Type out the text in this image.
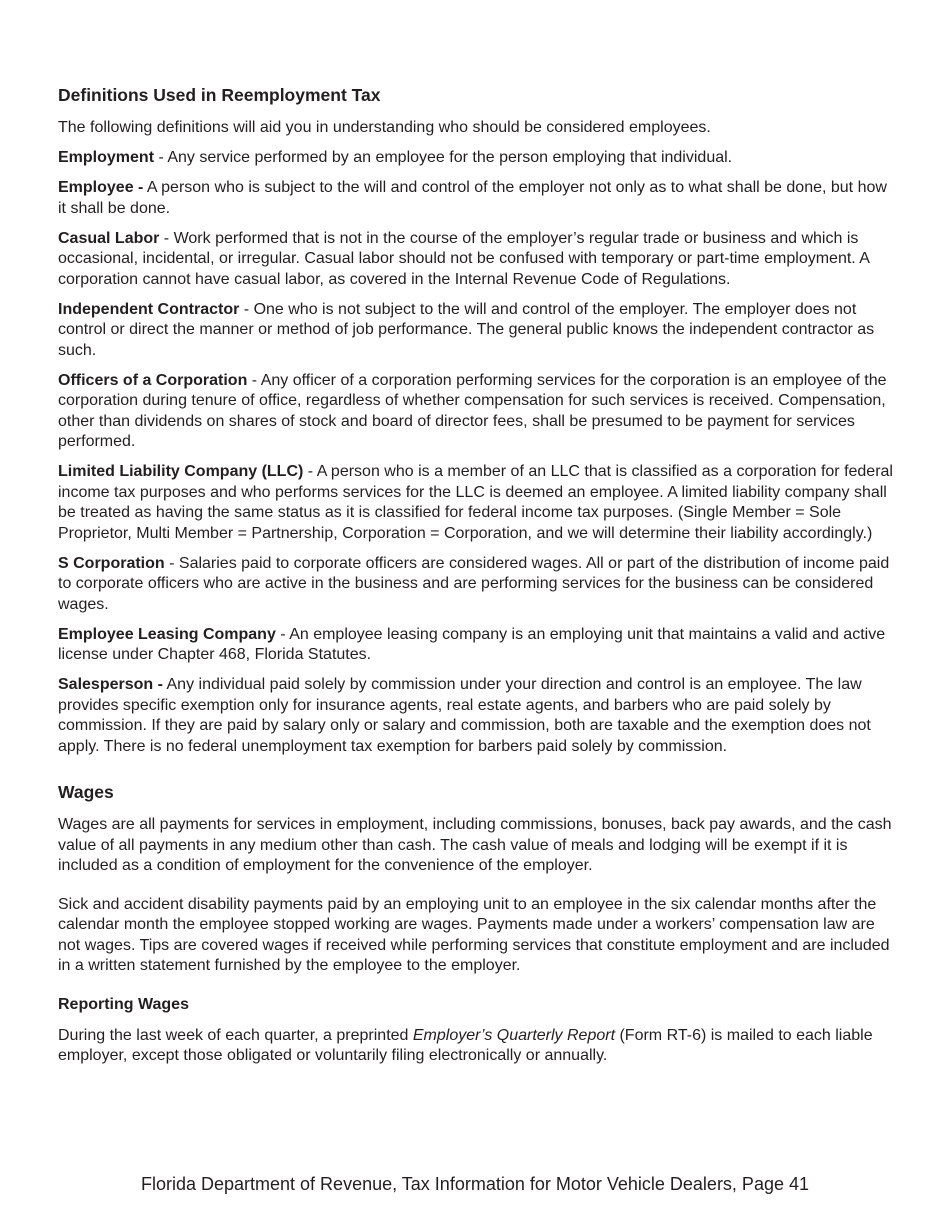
Definitions Used in Reemployment Tax

The following definitions will aid you in understanding who should be considered employees.

Employment - Any service performed by an employee for the person employing that individual.

Employee - A person who is subject to the will and control of the employer not only as to what shall be done, but how it shall be done.

Casual Labor - Work performed that is not in the course of the employer’s regular trade or business and which is occasional, incidental, or irregular. Casual labor should not be confused with temporary or part-time employment. A corporation cannot have casual labor, as covered in the Internal Revenue Code of Regulations.

Independent Contractor - One who is not subject to the will and control of the employer. The employer does not control or direct the manner or method of job performance. The general public knows the independent contractor as such.

Officers of a Corporation - Any officer of a corporation performing services for the corporation is an employee of the corporation during tenure of office, regardless of whether compensation for such services is received. Compensation, other than dividends on shares of stock and board of director fees, shall be presumed to be payment for services performed.

Limited Liability Company (LLC) - A person who is a member of an LLC that is classified as a corporation for federal income tax purposes and who performs services for the LLC is deemed an employee. A limited liability company shall be treated as having the same status as it is classified for federal income tax purposes. (Single Member = Sole Proprietor, Multi Member = Partnership, Corporation = Corporation, and we will determine their liability accordingly.)

S Corporation - Salaries paid to corporate officers are considered wages. All or part of the distribution of income paid to corporate officers who are active in the business and are performing services for the business can be considered wages.

Employee Leasing Company - An employee leasing company is an employing unit that maintains a valid and active license under Chapter 468, Florida Statutes.

Salesperson - Any individual paid solely by commission under your direction and control is an employee. The law provides specific exemption only for insurance agents, real estate agents, and barbers who are paid solely by commission. If they are paid by salary only or salary and commission, both are taxable and the exemption does not apply. There is no federal unemployment tax exemption for barbers paid solely by commission.

Wages

Wages are all payments for services in employment, including commissions, bonuses, back pay awards, and the cash value of all payments in any medium other than cash. The cash value of meals and lodging will be exempt if it is included as a condition of employment for the convenience of the employer.

Sick and accident disability payments paid by an employing unit to an employee in the six calendar months after the calendar month the employee stopped working are wages. Payments made under a workers’ compensation law are not wages. Tips are covered wages if received while performing services that constitute employment and are included in a written statement furnished by the employee to the employer.

Reporting Wages

During the last week of each quarter, a preprinted Employer’s Quarterly Report (Form RT-6) is mailed to each liable employer, except those obligated or voluntarily filing electronically or annually.

Florida Department of Revenue, Tax Information for Motor Vehicle Dealers, Page 41
